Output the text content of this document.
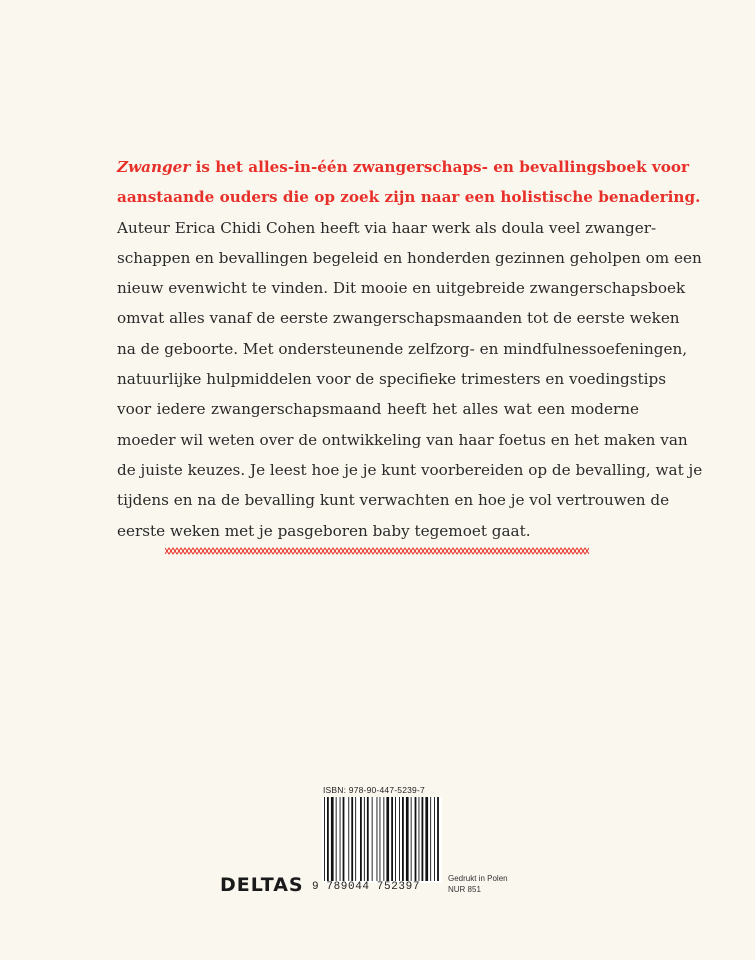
Zwanger is het alles-in-één zwangerschaps- en bevallingsboek voor
aanstaande ouders die op zoek zijn naar een holistische benadering.
Auteur Erica Chidi Cohen heeft via haar werk als doula veel zwanger-
schappen en bevallingen begeleid en honderden gezinnen geholpen om een
nieuw evenwicht te vinden. Dit mooie en uitgebreide zwangerschapsboek
omvat alles vanaf de eerste zwangerschapsmaanden tot de eerste weken
na de geboorte. Met ondersteunende zelfzorg- en mindfulnessoefeningen,
natuurlijke hulpmiddelen voor de specifieke trimesters en voedingstips
voor iedere zwangerschapsmaand heeft het alles wat een moderne
moeder wil weten over de ontwikkeling van haar foetus en het maken van
de juiste keuzes. Je leest hoe je je kunt voorbereiden op de bevalling, wat je
tijdens en na de bevalling kunt verwachten en hoe je vol vertrouwen de
eerste weken met je pasgeboren baby tegemoet gaat.

ISBN: 978-90-447-5239-7
9 789044 752397
DELTAS	Gedrukt in Polen
NUR 851
